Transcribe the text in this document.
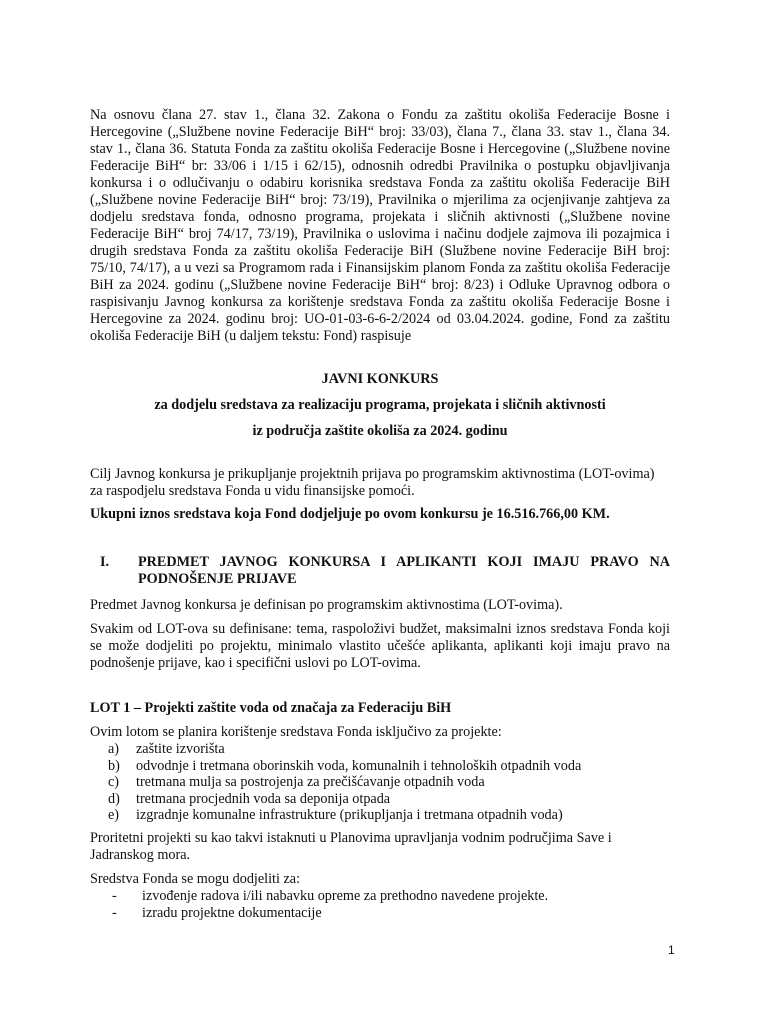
Na osnovu člana 27. stav 1., člana 32. Zakona o Fondu za zaštitu okoliša Federacije Bosne i Hercegovine („Službene novine Federacije BiH“ broj: 33/03), člana 7., člana 33. stav 1., člana 34. stav 1., člana 36. Statuta Fonda za zaštitu okoliša Federacije Bosne i Hercegovine („Službene novine Federacije BiH“ br: 33/06 i 1/15 i 62/15), odnosnih odredbi Pravilnika o postupku objavljivanja konkursa i o odlučivanju o odabiru korisnika sredstava Fonda za zaštitu okoliša Federacije BiH („Službene novine Federacije BiH“ broj: 73/19), Pravilnika o mjerilima za ocjenjivanje zahtjeva za dodjelu sredstava fonda, odnosno programa, projekata i sličnih aktivnosti („Službene novine Federacije BiH“ broj 74/17, 73/19), Pravilnika o uslovima i načinu dodjele zajmova ili pozajmica i drugih sredstava Fonda za zaštitu okoliša Federacije BiH (Službene novine Federacije BiH broj: 75/10, 74/17), a u vezi sa Programom rada i Finansijskim planom Fonda za zaštitu okoliša Federacije BiH za 2024. godinu („Službene novine Federacije BiH“ broj: 8/23) i Odluke Upravnog odbora o raspisivanju Javnog konkursa za korištenje sredstava Fonda za zaštitu okoliša Federacije Bosne i Hercegovine za 2024. godinu broj: UO-01-03-6-6-2/2024 od 03.04.2024. godine, Fond za zaštitu okoliša Federacije BiH (u daljem tekstu: Fond) raspisuje

JAVNI KONKURS

za dodjelu sredstava za realizaciju programa, projekata i sličnih aktivnosti

iz područja zaštite okoliša za 2024. godinu

Cilj Javnog konkursa je prikupljanje projektnih prijava po programskim aktivnostima (LOT-ovima) za raspodjelu sredstava Fonda u vidu finansijske pomoći.
Ukupni iznos sredstava koja Fond dodjeljuje po ovom konkursu je 16.516.766,00 KM.
I.	PREDMET JAVNOG KONKURSA I APLIKANTI KOJI IMAJU PRAVO NA PODNOŠENJE PRIJAVE
Predmet Javnog konkursa je definisan po programskim aktivnostima (LOT-ovima).
Svakim od LOT-ova su definisane: tema, raspoloživi budžet, maksimalni iznos sredstava Fonda koji se može dodjeliti po projektu, minimalo vlastito učešće aplikanta, aplikanti koji imaju pravo na podnošenje prijave, kao i specifični uslovi po LOT-ovima.
LOT 1 – Projekti zaštite voda od značaja za Federaciju BiH
Ovim lotom se planira korištenje sredstava Fonda isključivo za projekte:
a)	zaštite izvorišta
b)	odvodnje i tretmana oborinskih voda, komunalnih i tehnoloških otpadnih voda
c)	tretmana mulja sa postrojenja za prečišćavanje otpadnih voda
d)	tretmana procjednih voda sa deponija otpada
e)	izgradnje komunalne infrastrukture (prikupljanja i tretmana otpadnih voda)
Proritetni projekti su kao takvi istaknuti u Planovima upravljanja vodnim područjima Save i Jadranskog mora.
Sredstva Fonda se mogu dodjeliti za:
-	izvođenje radova i/ili nabavku opreme za prethodno navedene projekte.
-	izradu projektne dokumentacije
1
